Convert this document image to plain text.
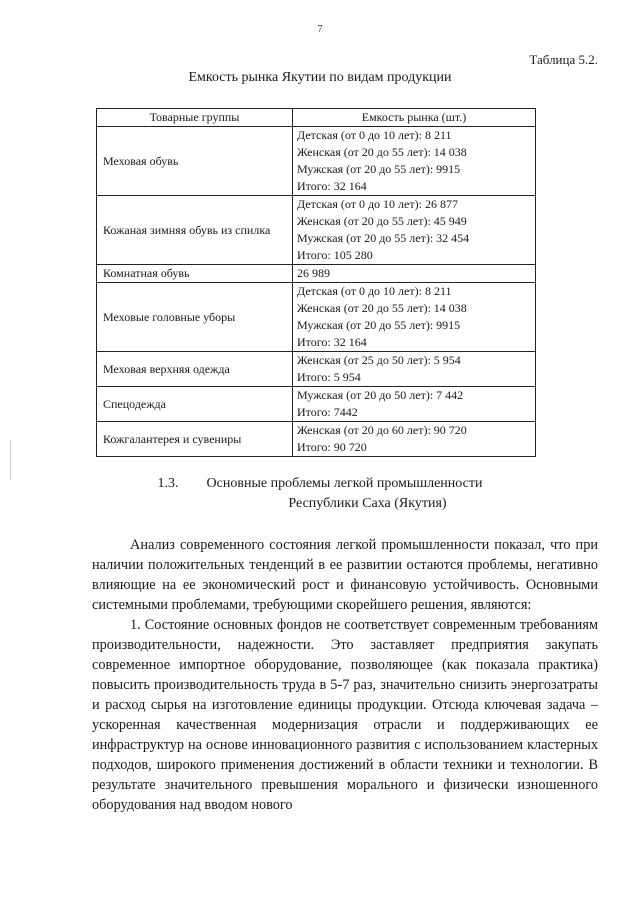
7
Таблица 5.2.
Емкость рынка Якутии по видам продукции
Товарные группы	Емкость рынка (шт.)
Меховая обувь	Детская (от 0 до 10 лет): 8 211
Женская (от 20 до 55 лет): 14 038
Мужская (от 20 до 55 лет): 9915
Итого: 32 164

Кожаная зимняя обувь из спилка	Детская (от 0 до 10 лет): 26 877
Женская (от 20 до 55 лет): 45 949
Мужская (от 20 до 55 лет): 32 454
Итого: 105 280

Комнатная обувь	26 989

Меховые головные уборы	Детская (от 0 до 10 лет): 8 211
Женская (от 20 до 55 лет): 14 038
Мужская (от 20 до 55 лет): 9915
Итого: 32 164

Меховая верхняя одежда	Женская (от 25 до 50 лет): 5 954
Итого: 5 954

Спецодежда	Мужская (от 20 до 50 лет): 7 442
Итого: 7442

Кожгалантерея и сувениры	Женская (от 20 до 60 лет): 90 720
Итого: 90 720
1.3. Основные проблемы легкой промышленности
Республики Саха (Якутия)

Анализ современного состояния легкой промышленности показал, что при наличии положительных тенденций в ее развитии остаются проблемы, негативно влияющие на ее экономический рост и финансовую устойчивость. Основными системными проблемами, требующими скорейшего решения, являются:

1. Состояние основных фондов не соответствует современным требованиям производительности, надежности. Это заставляет предприятия закупать современное импортное оборудование, позволяющее (как показала практика) повысить производительность труда в 5-7 раз, значительно снизить энергозатраты и расход сырья на изготовление единицы продукции. Отсюда ключевая задача – ускоренная качественная модернизация отрасли и поддерживающих ее инфраструктур на основе инновационного развития с использованием кластерных подходов, широкого применения достижений в области техники и технологии. В результате значительного превышения морального и физически изношенного оборудования над вводом нового
